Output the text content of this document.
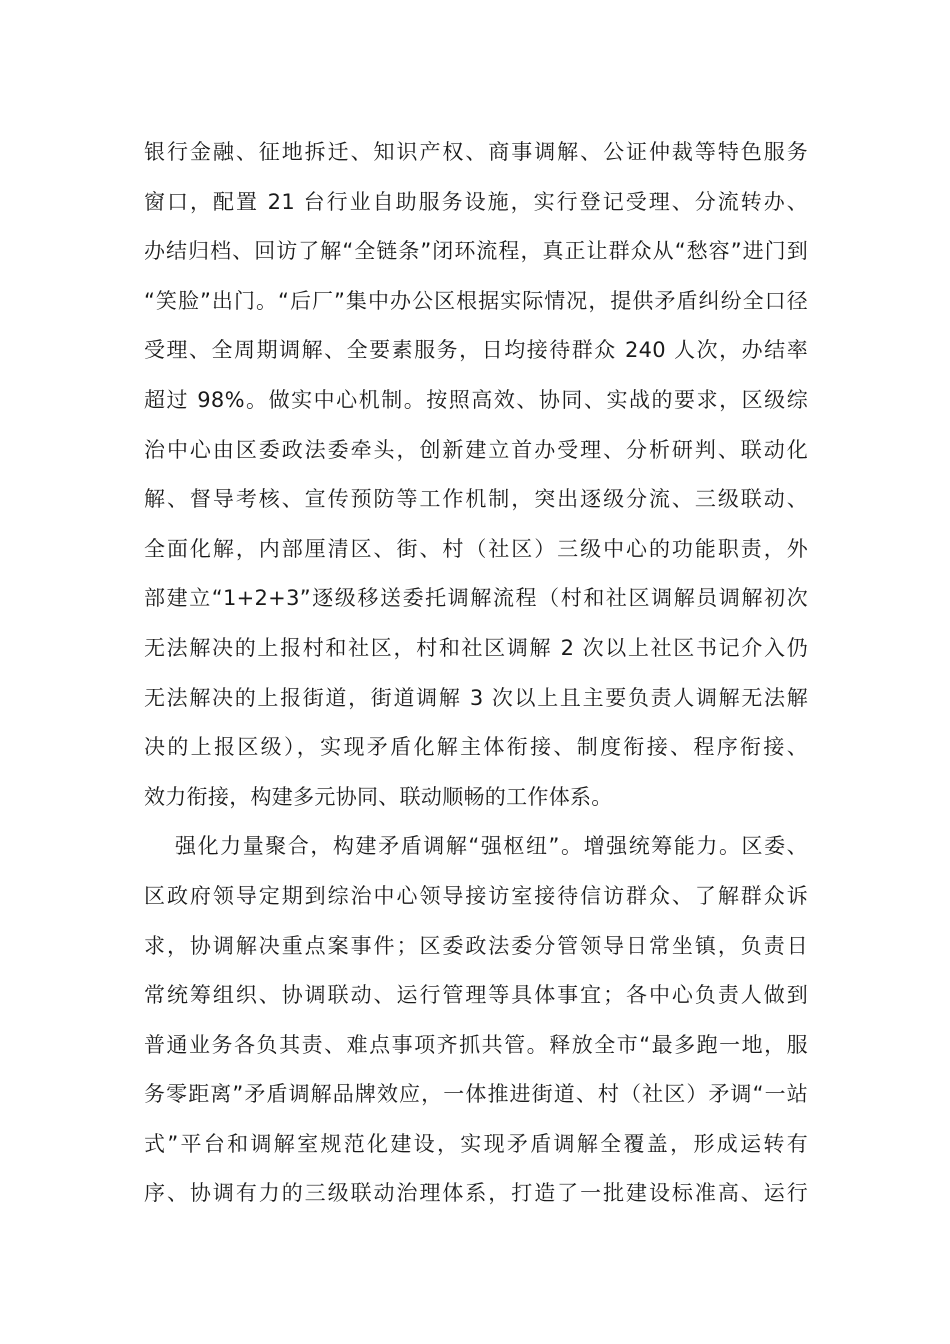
银行金融、征地拆迁、知识产权、商事调解、公证仲裁等特色服务
窗口，配置 21 台行业自助服务设施，实行登记受理、分流转办、
办结归档、回访了解“全链条”闭环流程，真正让群众从“愁容”进门到
“笑脸”出门。“后厂”集中办公区根据实际情况，提供矛盾纠纷全口径
受理、全周期调解、全要素服务，日均接待群众 240 人次，办结率
超过 98%。做实中心机制。按照高效、协同、实战的要求，区级综
治中心由区委政法委牵头，创新建立首办受理、分析研判、联动化
解、督导考核、宣传预防等工作机制，突出逐级分流、三级联动、
全面化解，内部厘清区、街、村（社区）三级中心的功能职责，外
部建立“1+2+3”逐级移送委托调解流程（村和社区调解员调解初次
无法解决的上报村和社区，村和社区调解 2 次以上社区书记介入仍
无法解决的上报街道，街道调解 3 次以上且主要负责人调解无法解
决的上报区级），实现矛盾化解主体衔接、制度衔接、程序衔接、
效力衔接，构建多元协同、联动顺畅的工作体系。
强化力量聚合，构建矛盾调解“强枢纽”。增强统筹能力。区委、
区政府领导定期到综治中心领导接访室接待信访群众、了解群众诉
求，协调解决重点案事件；区委政法委分管领导日常坐镇，负责日
常统筹组织、协调联动、运行管理等具体事宜；各中心负责人做到
普通业务各负其责、难点事项齐抓共管。释放全市“最多跑一地，服
务零距离”矛盾调解品牌效应，一体推进街道、村（社区）矛调“一站
式”平台和调解室规范化建设，实现矛盾调解全覆盖，形成运转有
序、协调有力的三级联动治理体系，打造了一批建设标准高、运行
